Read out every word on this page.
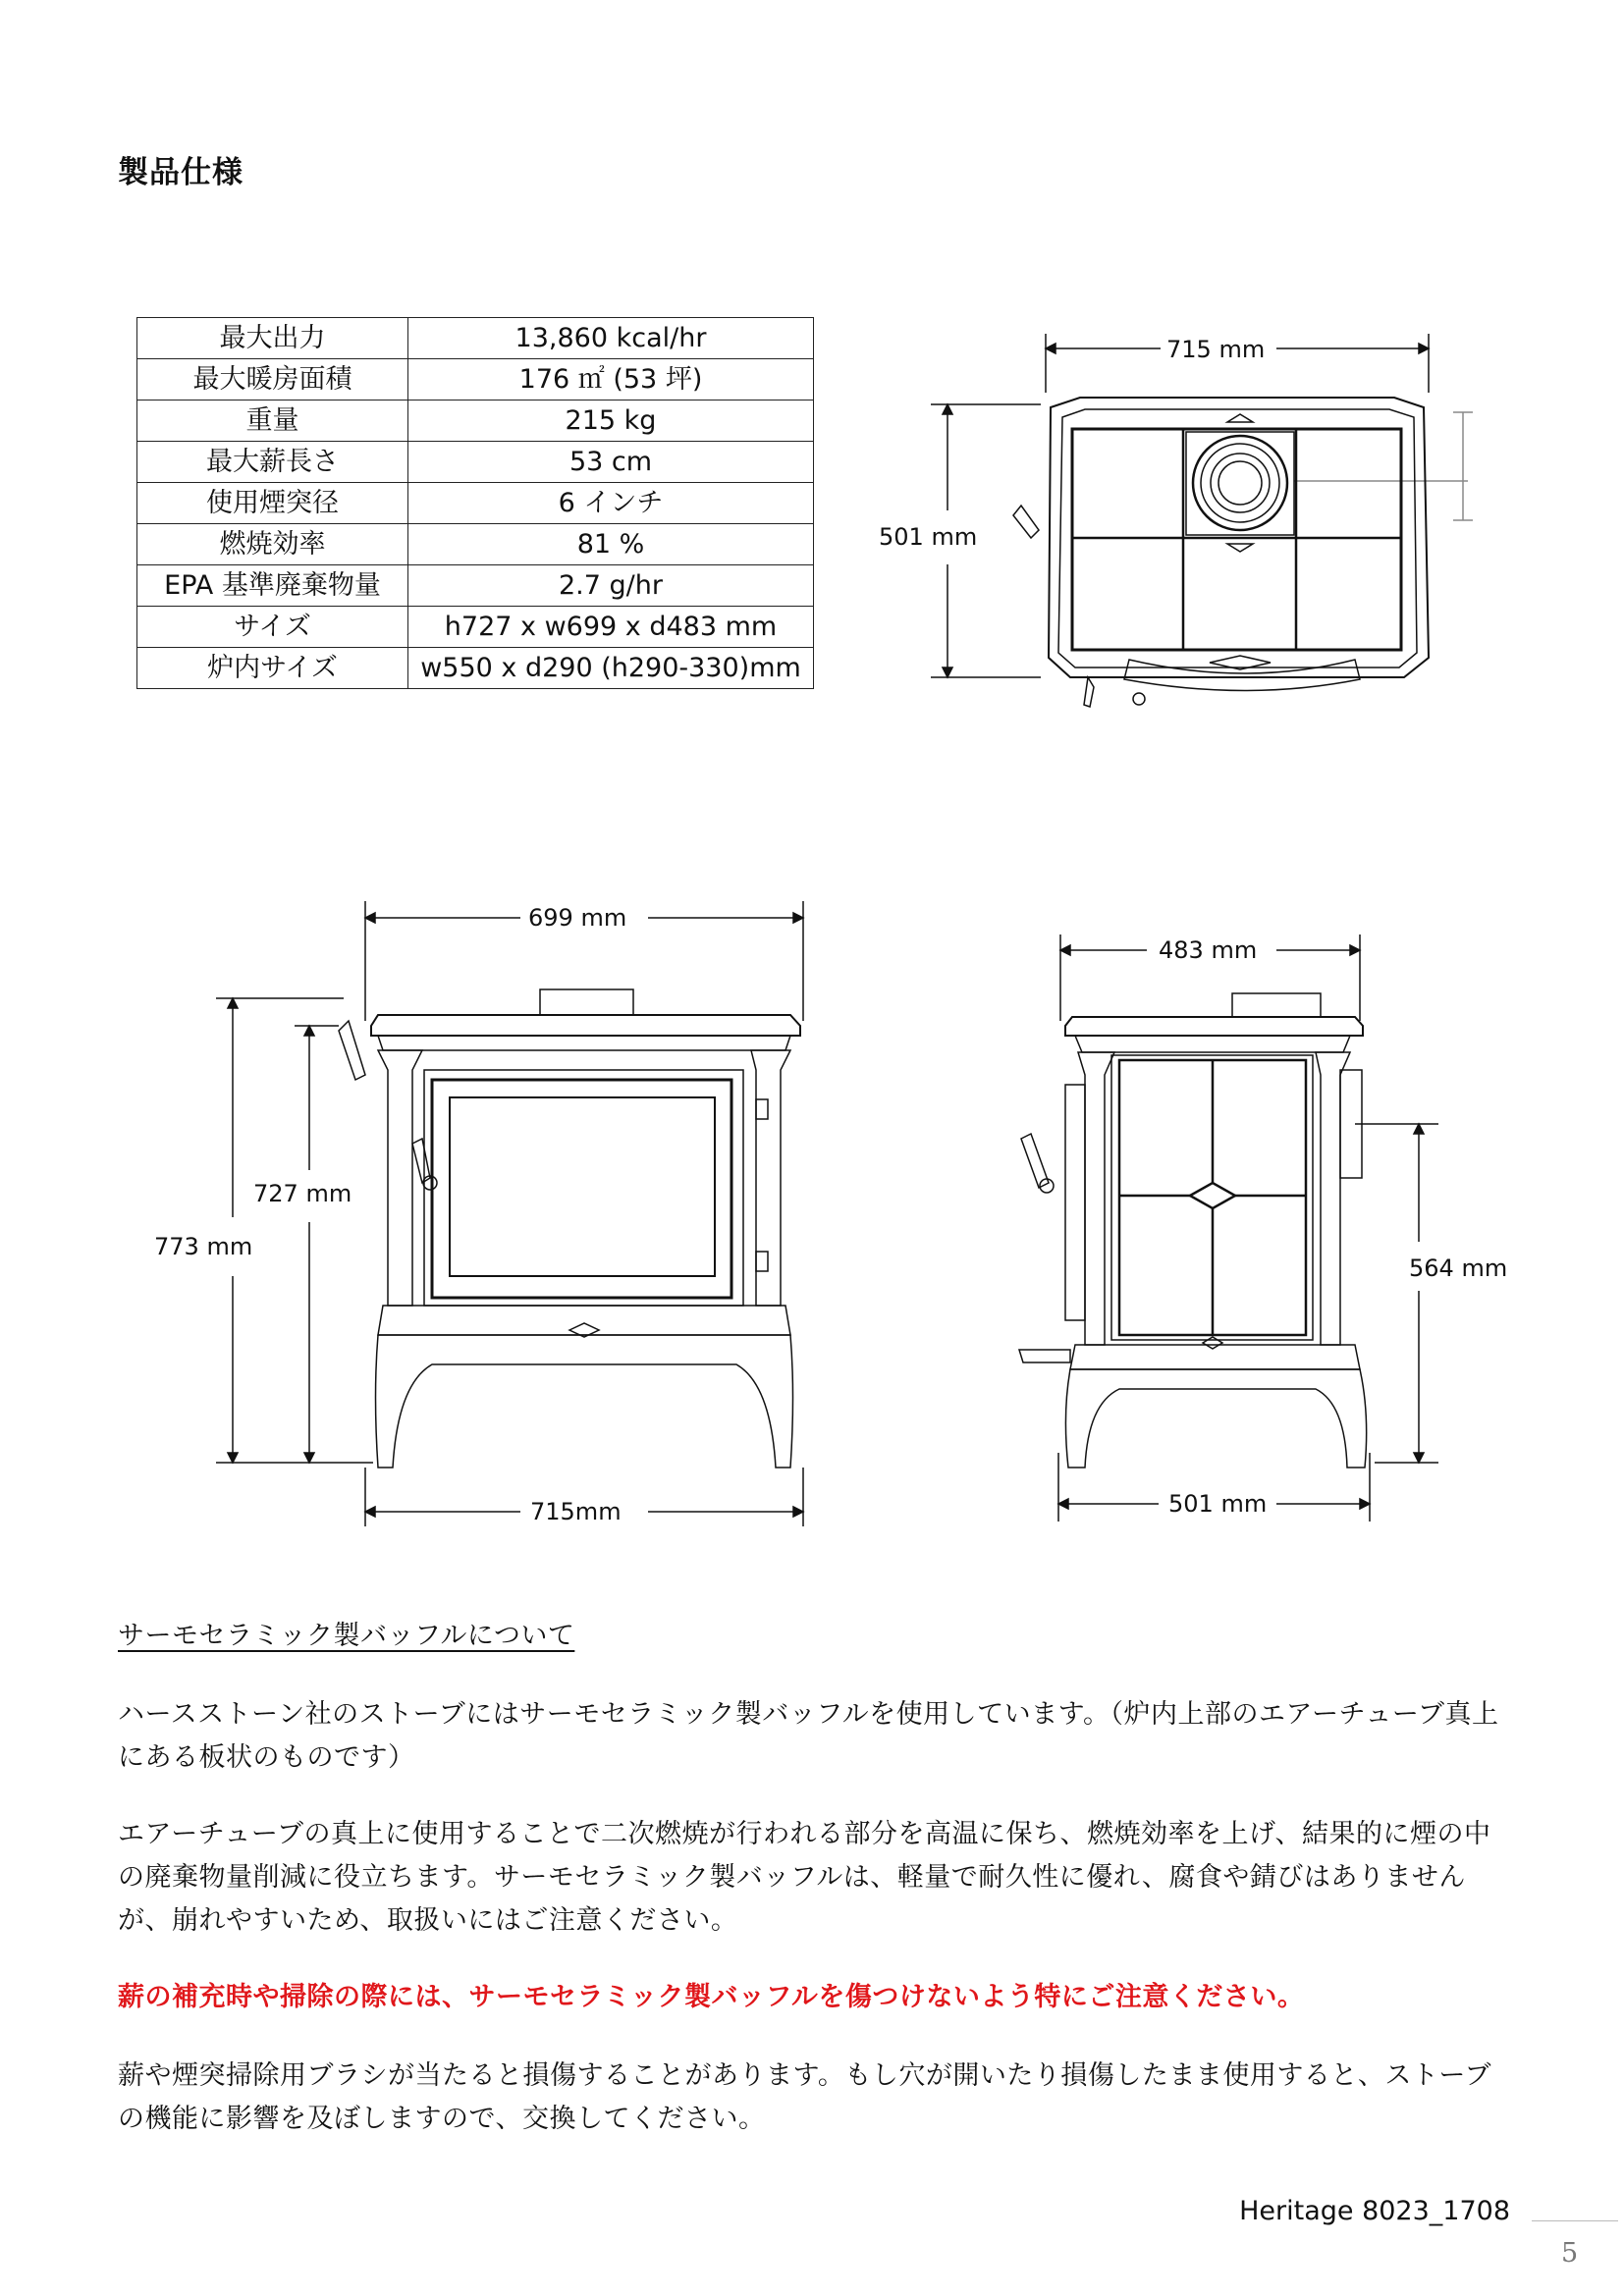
製品仕様
最大出力	13,860 kcal/hr
最大暖房面積	176 ㎡ (53 坪)
重量	215 kg
最大薪長さ	53 cm
使用煙突径	6 インチ
燃焼効率	81 %
EPA 基準廃棄物量	2.7 g/hr
サイズ	h727 x w699 x d483 mm
炉内サイズ	w550 x d290 (h290-330)mm
715 mm
501 mm
699 mm
715mm
727 mm
773 mm
483 mm
501 mm
564 mm

サーモセラミック製バッフルについて

ハースストーン社のストーブにはサーモセラミック製バッフルを使用しています。（炉内上部のエアーチューブ真上にある板状のものです）

エアーチューブの真上に使用することで二次燃焼が行われる部分を高温に保ち、燃焼効率を上げ、結果的に煙の中の廃棄物量削減に役立ちます。サーモセラミック製バッフルは、軽量で耐久性に優れ、腐食や錆びはありませんが、崩れやすいため、取扱いにはご注意ください。

薪の補充時や掃除の際には、サーモセラミック製バッフルを傷つけないよう特にご注意ください。

薪や煙突掃除用ブラシが当たると損傷することがあります。もし穴が開いたり損傷したまま使用すると、ストーブの機能に影響を及ぼしますので、交換してください。

Heritage 8023_1708
5
